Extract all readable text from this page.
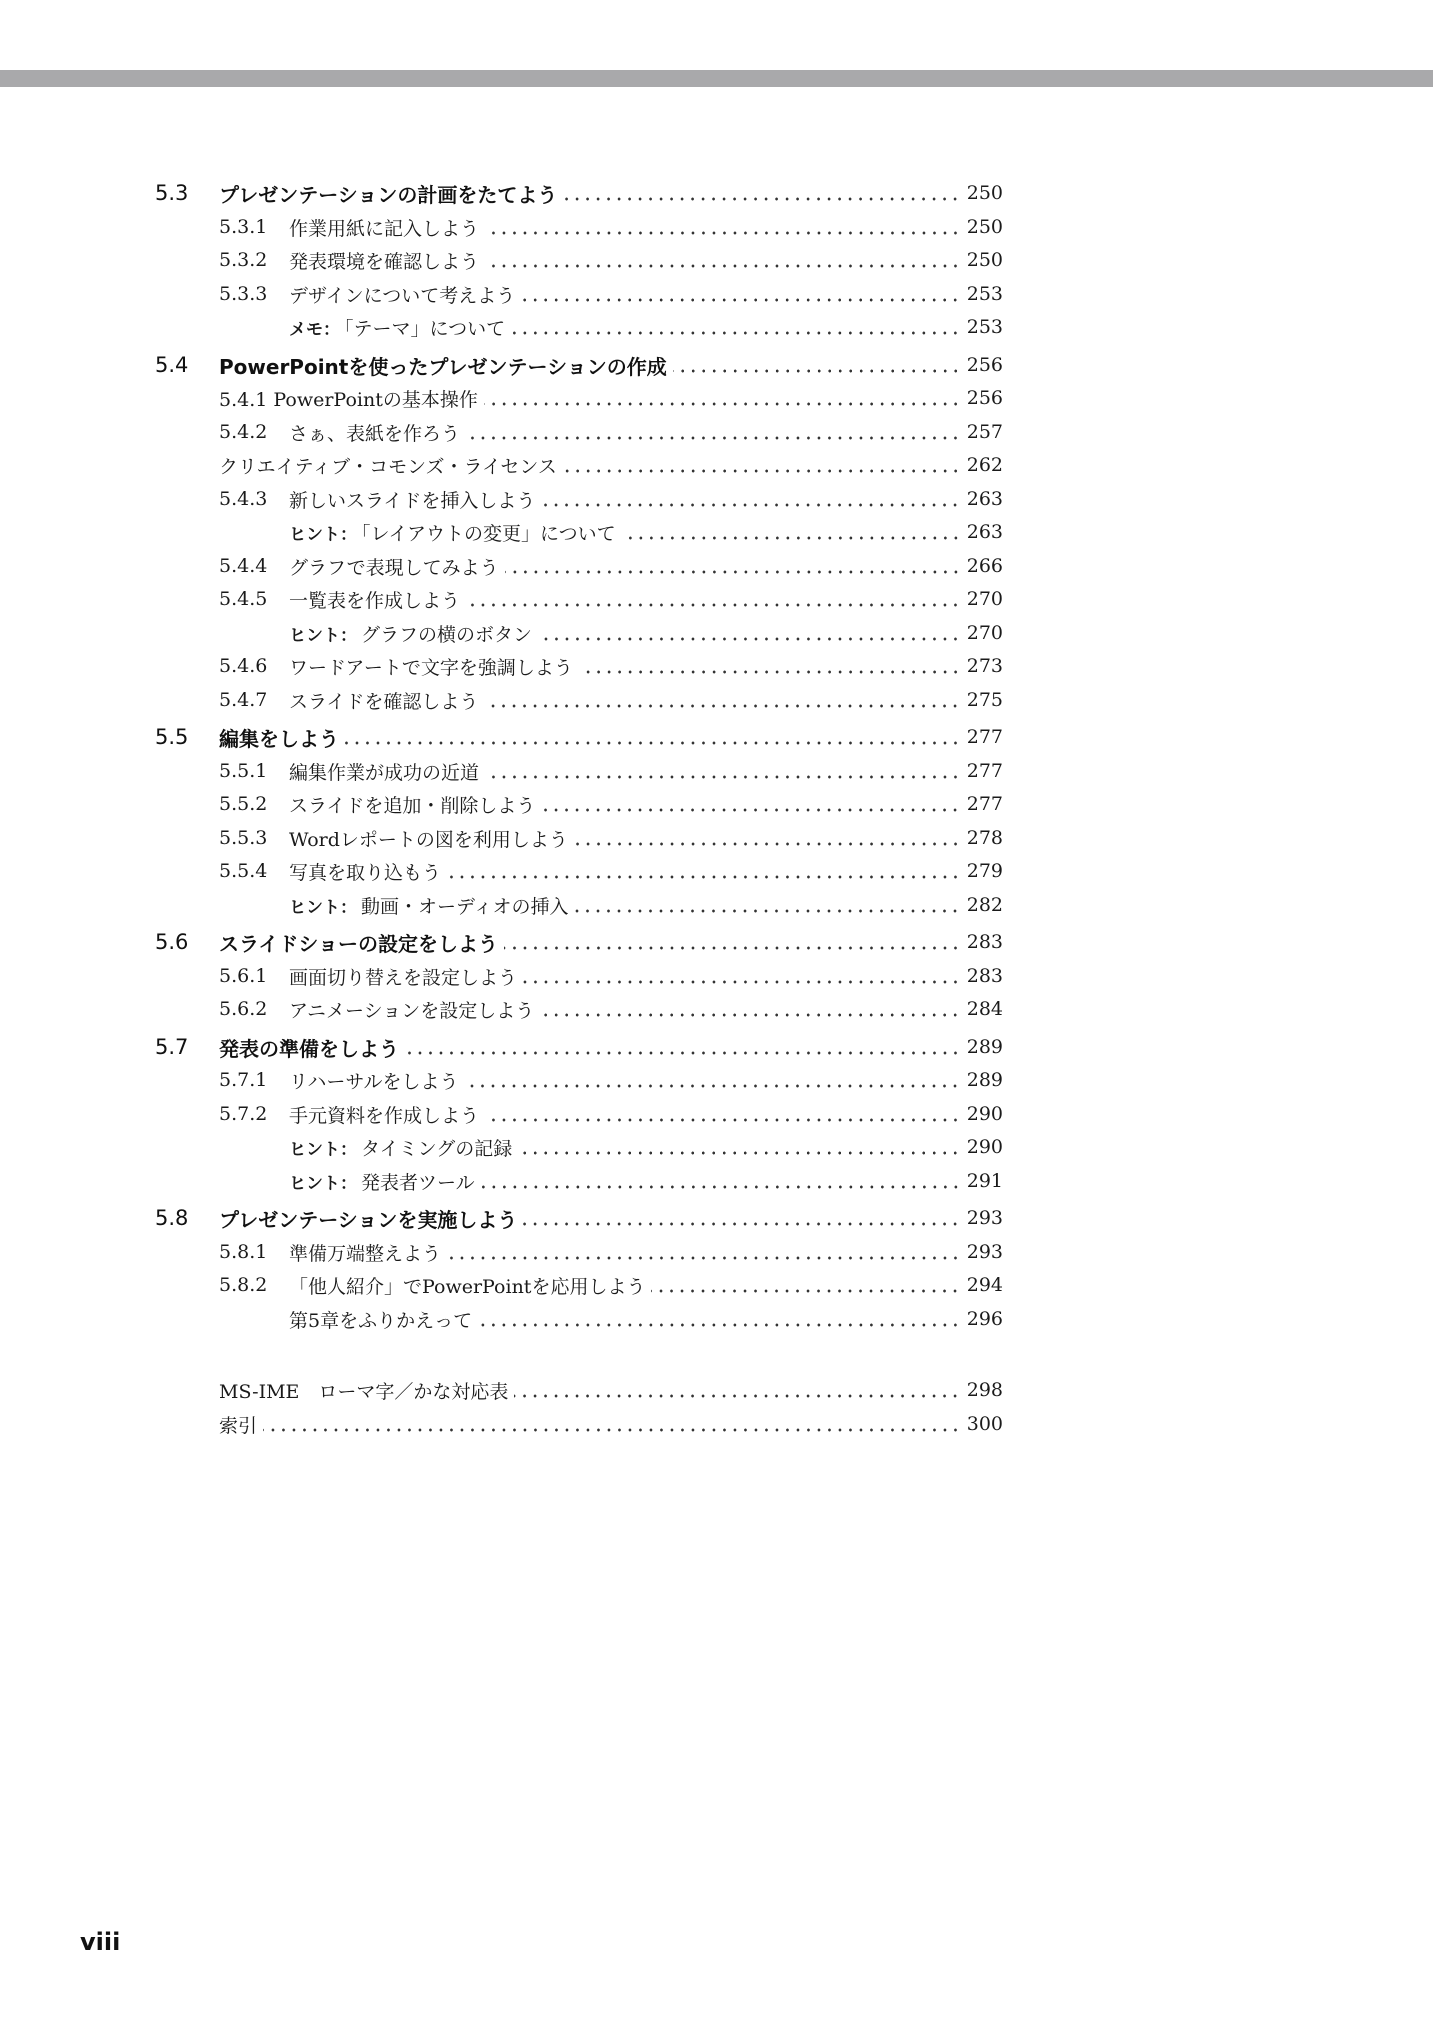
5.3	プレゼンテーションの計画をたてよう	250
5.3.1	作業用紙に記入しよう	250
5.3.2	発表環境を確認しよう	250
5.3.3	デザインについて考えよう	253
メモ： 「テーマ」について	253
5.4	PowerPointを使ったプレゼンテーションの作成	256
5.4.1 PowerPointの基本操作	256
5.4.2	さぁ、表紙を作ろう	257
クリエイティブ・コモンズ・ライセンス	262
5.4.3	新しいスライドを挿入しよう	263
ヒント： 「レイアウトの変更」について	263
5.4.4	グラフで表現してみよう	266
5.4.5	一覧表を作成しよう	270
ヒント： グラフの横のボタン	270
5.4.6	ワードアートで文字を強調しよう	273
5.4.7	スライドを確認しよう	275
5.5	編集をしよう	277
5.5.1	編集作業が成功の近道	277
5.5.2	スライドを追加・削除しよう	277
5.5.3	Wordレポートの図を利用しよう	278
5.5.4	写真を取り込もう	279
ヒント： 動画・オーディオの挿入	282
5.6	スライドショーの設定をしよう	283
5.6.1	画面切り替えを設定しよう	283
5.6.2	アニメーションを設定しよう	284
5.7	発表の準備をしよう	289
5.7.1	リハーサルをしよう	289
5.7.2	手元資料を作成しよう	290
ヒント： タイミングの記録	290
ヒント： 発表者ツール	291
5.8	プレゼンテーションを実施しよう	293
5.8.1	準備万端整えよう	293
5.8.2	「他人紹介」でPowerPointを応用しよう	294
第5章をふりかえって	296
MS-IME　ローマ字／かな対応表	298
索引	300
viii
